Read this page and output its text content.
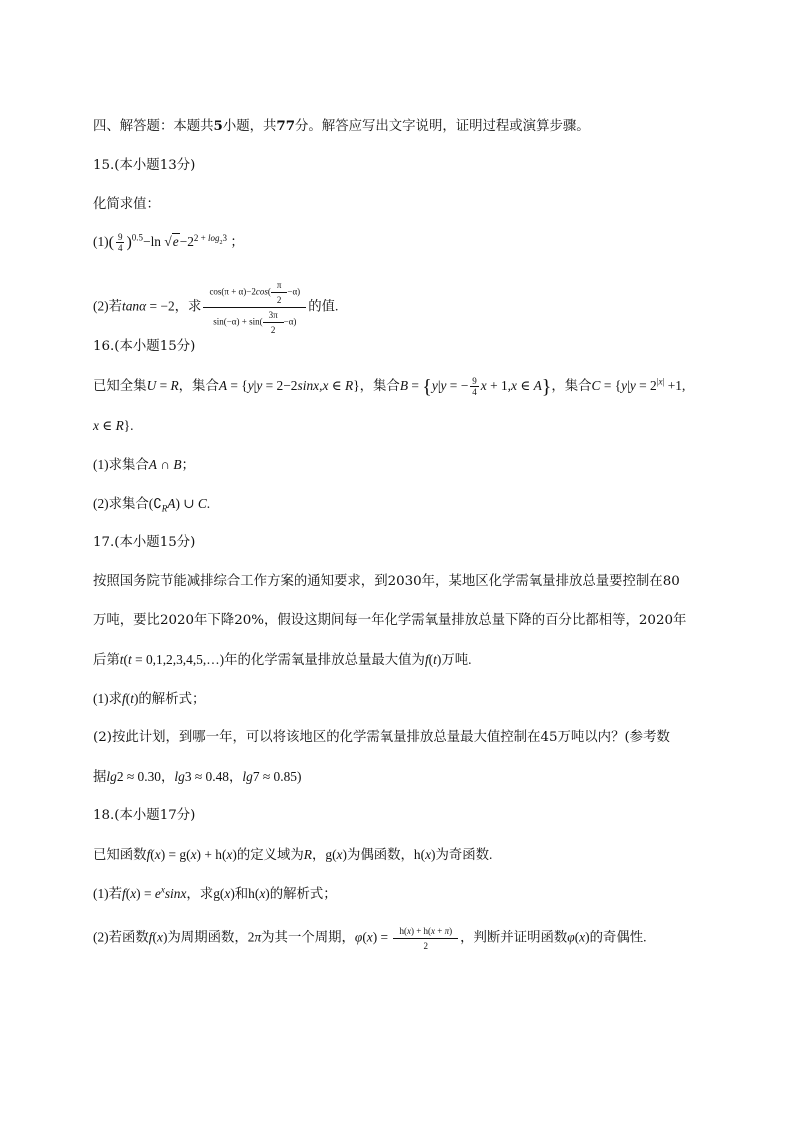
四、解答题：本题共5小题，共77分。解答应写出文字说明，证明过程或演算步骤。
15.(本小题13分)
化简求值：
$(1)( \frac{9}{4} )^{0.5}-\ln$ $√e-2^{2 + log_23}$ ；
(2)若tanα = −2，求 $\frac{\cos(\pi + \alpha)-2\cos( \frac{\pi}{2} -\alpha)}{\sin(-\alpha) + \sin( \frac{3\pi}{2} -\alpha)}$ 的值.
16.(本小题15分)
已知全集U = R，集合A = {y|y = 2−2sinx,x ∈ R}，集合B = {y|y = − $\frac{9}{4}$ x + 1,x ∈ A}，集合$C = \{y|y = 2^{|x|} +1$,
x ∈ R}.
(1)求集合A ∩ B；
(2)求集合$(∁_RA)$ ∪ C.
17.(本小题15分)
按照国务院节能减排综合工作方案的通知要求，到2030年，某地区化学需氧量排放总量要控制在80
万吨，要比2020年下降20%，假设这期间每一年化学需氧量排放总量下降的百分比都相等，2020年
后第t(t = 0,1,2,3,4,5,…)年的化学需氧量排放总量最大值为f(t)万吨.
(1)求f(t)的解析式；
(2)按此计划，到哪一年，可以将该地区的化学需氧量排放总量最大值控制在45万吨以内？(参考数
据lg2 ≈ 0.30，lg3 ≈ 0.48，lg7 ≈ 0.85)
18.(本小题17分)
已知函数f(x) = g(x) + h(x)的定义域为R，g(x)为偶函数，h(x)为奇函数.
(1)若$f(x) = e^x\sin x$，求g(x)和h(x)的解析式；
(2)若函数f(x)为周期函数，2π为其一个周期，$\varphi(x) = \frac{h(x) + h(x + \pi)}{2}$ ，判断并证明函数φ(x)的奇偶性.
